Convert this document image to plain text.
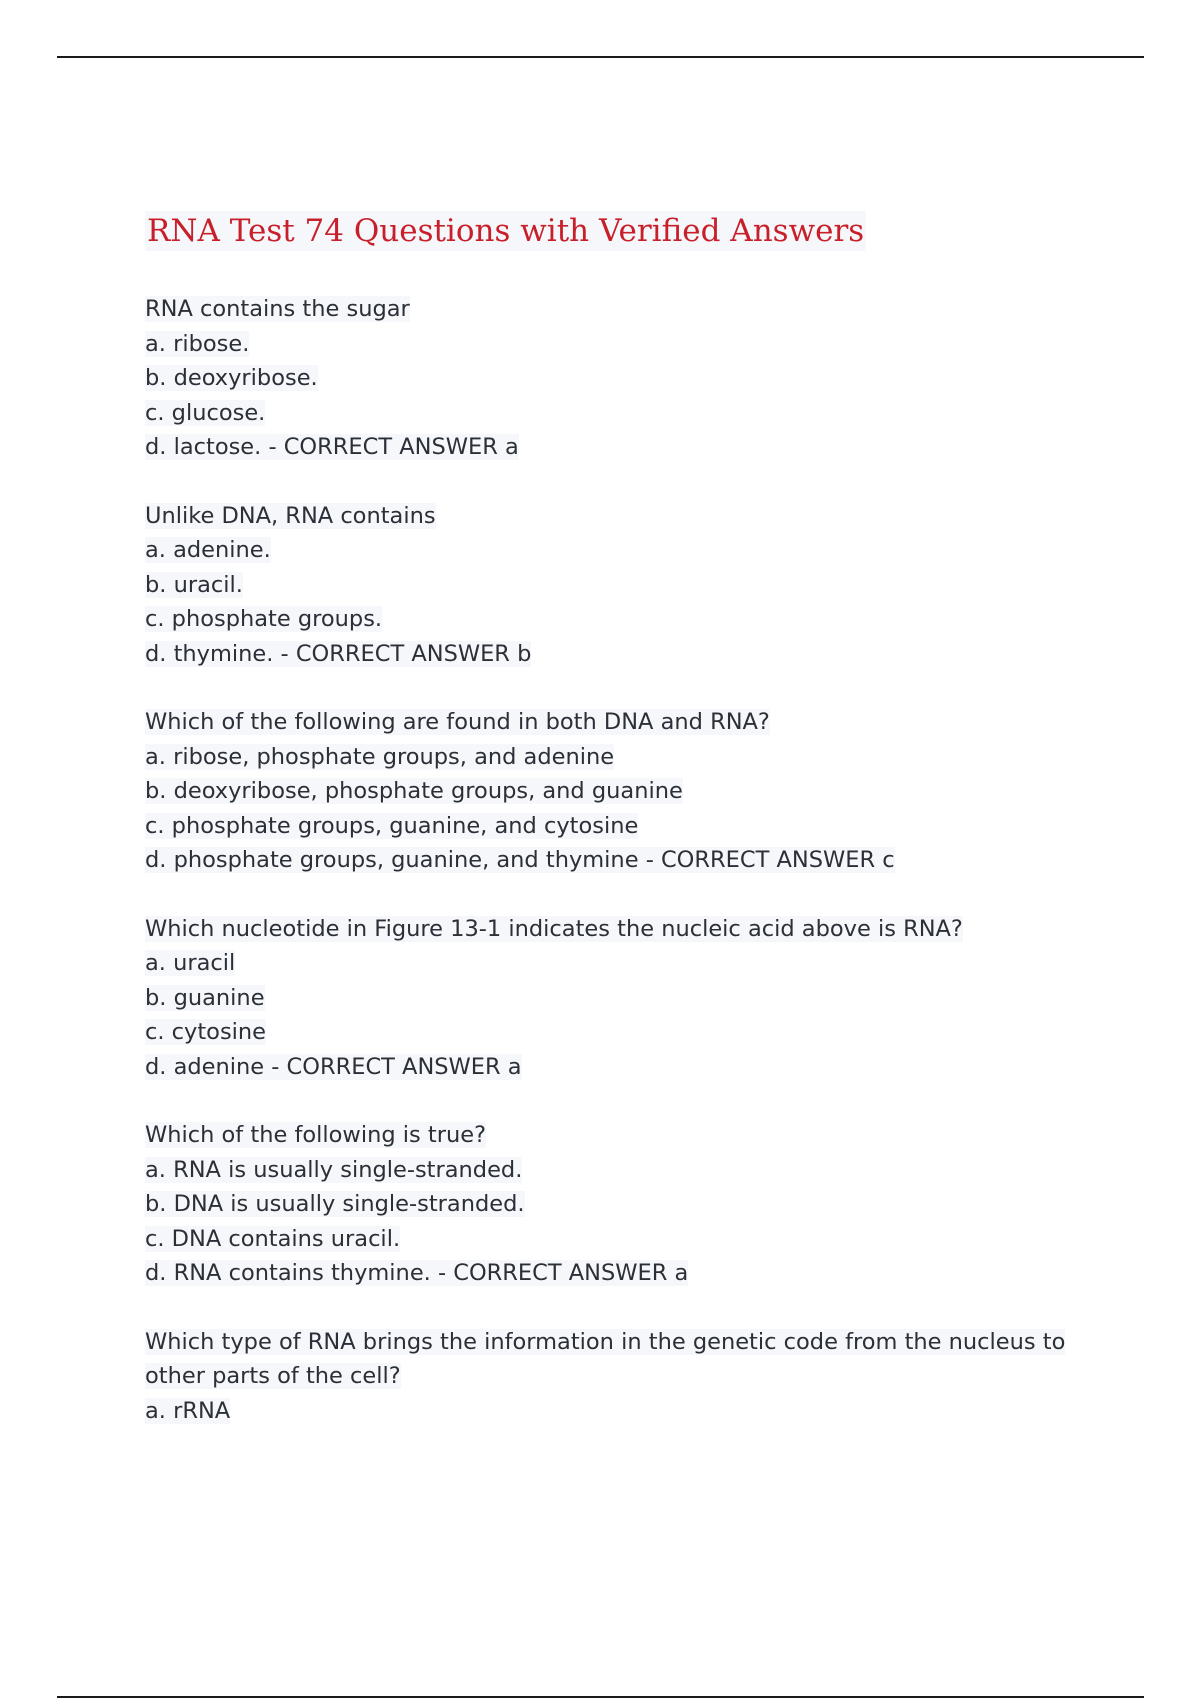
RNA Test 74 Questions with Verified Answers
RNA contains the sugar
a. ribose.
b. deoxyribose.
c. glucose.
d. lactose. - CORRECT ANSWER a
Unlike DNA, RNA contains
a. adenine.
b. uracil.
c. phosphate groups.
d. thymine. - CORRECT ANSWER b
Which of the following are found in both DNA and RNA?
a. ribose, phosphate groups, and adenine
b. deoxyribose, phosphate groups, and guanine
c. phosphate groups, guanine, and cytosine
d. phosphate groups, guanine, and thymine - CORRECT ANSWER c
Which nucleotide in Figure 13-1 indicates the nucleic acid above is RNA?
a. uracil
b. guanine
c. cytosine
d. adenine - CORRECT ANSWER a
Which of the following is true?
a. RNA is usually single-stranded.
b. DNA is usually single-stranded.
c. DNA contains uracil.
d. RNA contains thymine. - CORRECT ANSWER a
Which type of RNA brings the information in the genetic code from the nucleus to
other parts of the cell?
a. rRNA
